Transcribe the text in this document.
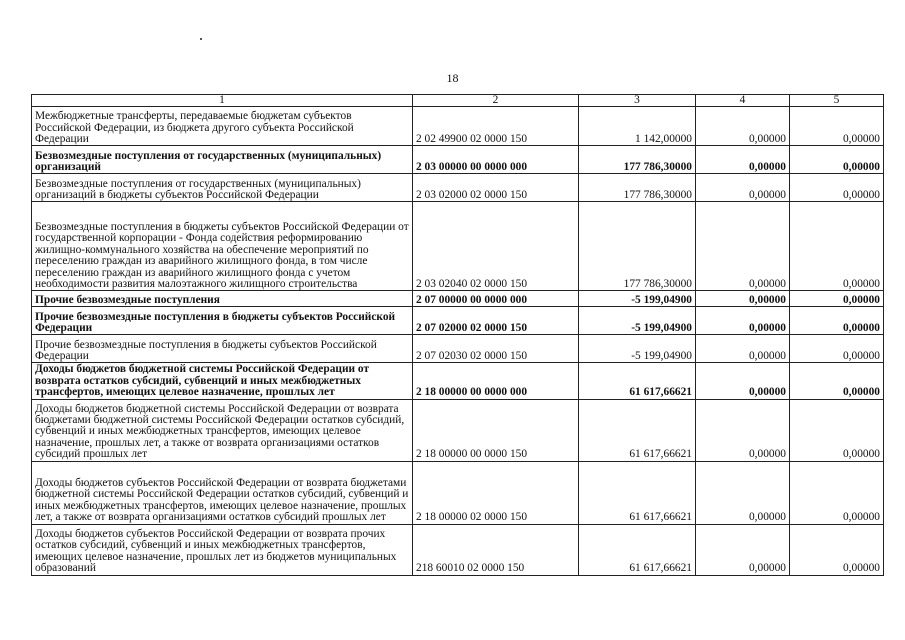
18
1	2	3	4	5
Межбюджетные трансферты, передаваемые бюджетам субъектов Российской Федерации, из бюджета другого субъекта Российской Федерации	2 02 49900 02 0000 150	1 142,00000	0,00000	0,00000
Безвозмездные поступления от государственных (муниципальных) организаций	2 03 00000 00 0000 000	177 786,30000	0,00000	0,00000
Безвозмездные поступления от государственных (муниципальных) организаций в бюджеты субъектов Российской Федерации	2 03 02000 02 0000 150	177 786,30000	0,00000	0,00000
Безвозмездные поступления в бюджеты субъектов Российской Федерации от государственной корпорации - Фонда содействия реформированию жилищно-коммунального хозяйства на обеспечение мероприятий по переселению граждан из аварийного жилищного фонда, в том числе переселению граждан из аварийного жилищного фонда с учетом необходимости развития малоэтажного жилищного строительства	2 03 02040 02 0000 150	177 786,30000	0,00000	0,00000
Прочие безвозмездные поступления	2 07 00000 00 0000 000	-5 199,04900	0,00000	0,00000
Прочие безвозмездные поступления в бюджеты субъектов Российской Федерации	2 07 02000 02 0000 150	-5 199,04900	0,00000	0,00000
Прочие безвозмездные поступления в бюджеты субъектов Российской Федерации	2 07 02030 02 0000 150	-5 199,04900	0,00000	0,00000
Доходы бюджетов бюджетной системы Российской Федерации от возврата остатков субсидий, субвенций и иных межбюджетных трансфертов, имеющих целевое назначение, прошлых лет	2 18 00000 00 0000 000	61 617,66621	0,00000	0,00000
Доходы бюджетов бюджетной системы Российской Федерации от возврата бюджетами бюджетной системы Российской Федерации остатков субсидий, субвенций и иных межбюджетных трансфертов, имеющих целевое назначение, прошлых лет, а также от возврата организациями остатков субсидий прошлых лет	2 18 00000 00 0000 150	61 617,66621	0,00000	0,00000
Доходы бюджетов субъектов Российской Федерации от возврата бюджетами бюджетной системы Российской Федерации остатков субсидий, субвенций и иных межбюджетных трансфертов, имеющих целевое назначение, прошлых лет, а также от возврата организациями остатков субсидий прошлых лет	2 18 00000 02 0000 150	61 617,66621	0,00000	0,00000
Доходы бюджетов субъектов Российской Федерации от возврата прочих остатков субсидий, субвенций и иных межбюджетных трансфертов, имеющих целевое назначение, прошлых лет из бюджетов муниципальных образований	218 60010 02 0000 150	61 617,66621	0,00000	0,00000
